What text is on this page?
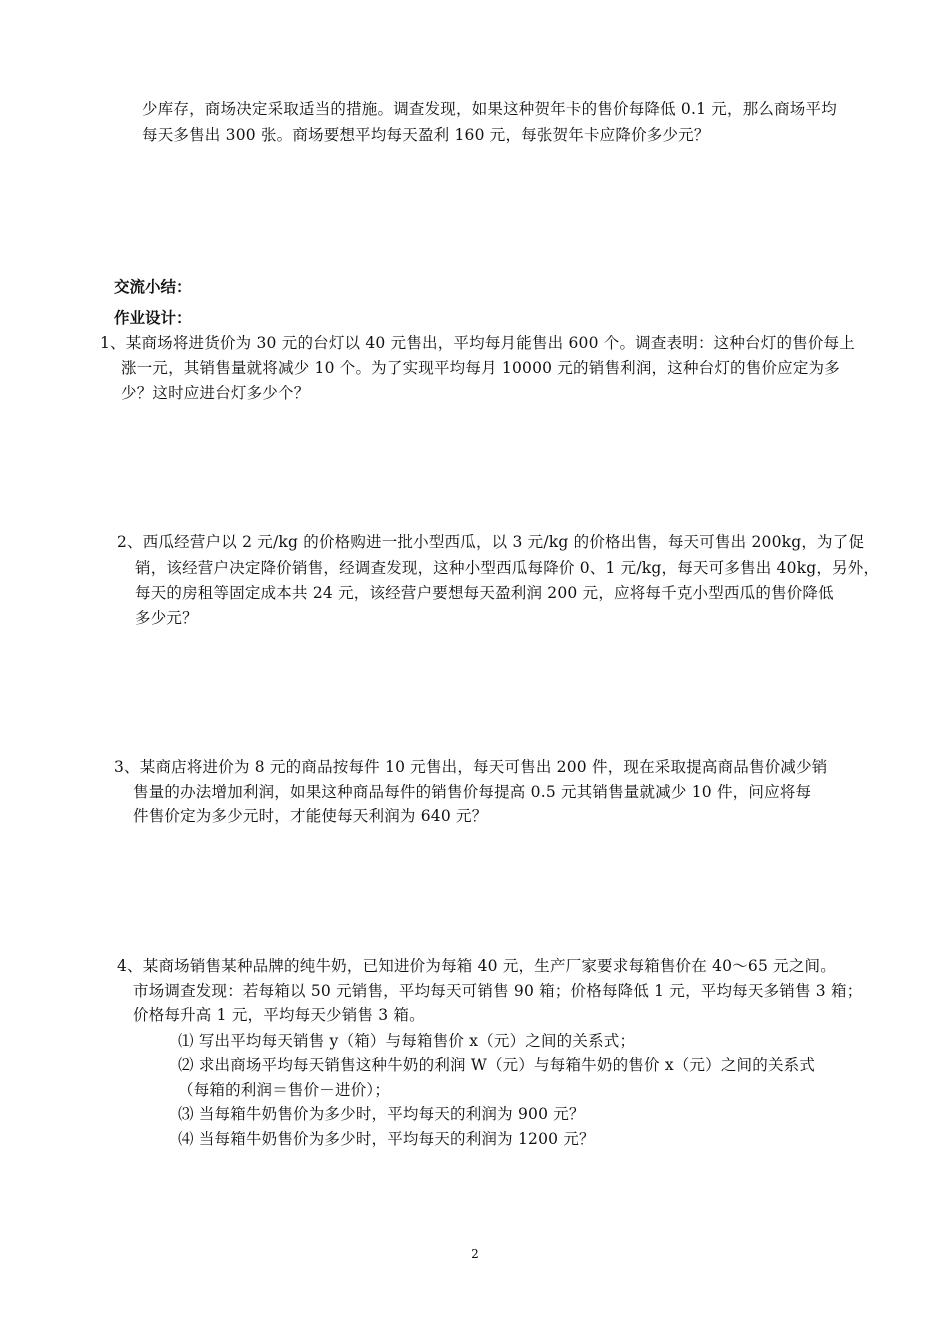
少库存，商场决定采取适当的措施。调查发现，如果这种贺年卡的售价每降低 0.1 元，那么商场平均
每天多售出 300 张。商场要想平均每天盈利 160 元，每张贺年卡应降价多少元？
交流小结：
作业设计：
1、某商场将进货价为 30 元的台灯以 40 元售出，平均每月能售出 600 个。调查表明：这种台灯的售价每上
涨一元，其销售量就将减少 10 个。为了实现平均每月 10000 元的销售利润，这种台灯的售价应定为多
少？这时应进台灯多少个？
2、西瓜经营户以 2 元/kg 的价格购进一批小型西瓜，以 3 元/kg 的价格出售，每天可售出 200kg，为了促
销，该经营户决定降价销售，经调查发现，这种小型西瓜每降价 0、1 元/kg，每天可多售出 40kg，另外，
每天的房租等固定成本共 24 元，该经营户要想每天盈利润 200 元，应将每千克小型西瓜的售价降低
多少元？
3、某商店将进价为 8 元的商品按每件 10 元售出，每天可售出 200 件，现在采取提高商品售价减少销
售量的办法增加利润，如果这种商品每件的销售价每提高 0.5 元其销售量就减少 10 件，问应将每
件售价定为多少元时，才能使每天利润为 640 元？
4、某商场销售某种品牌的纯牛奶，已知进价为每箱 40 元，生产厂家要求每箱售价在 40～65 元之间。
市场调查发现：若每箱以 50 元销售，平均每天可销售 90 箱；价格每降低 1 元，平均每天多销售 3 箱；
价格每升高 1 元，平均每天少销售 3 箱。
⑴ 写出平均每天销售 y（箱）与每箱售价 x（元）之间的关系式；
⑵ 求出商场平均每天销售这种牛奶的利润 W（元）与每箱牛奶的售价 x（元）之间的关系式
（每箱的利润＝售价－进价）；
⑶ 当每箱牛奶售价为多少时，平均每天的利润为 900 元？
⑷ 当每箱牛奶售价为多少时，平均每天的利润为 1200 元？
2
